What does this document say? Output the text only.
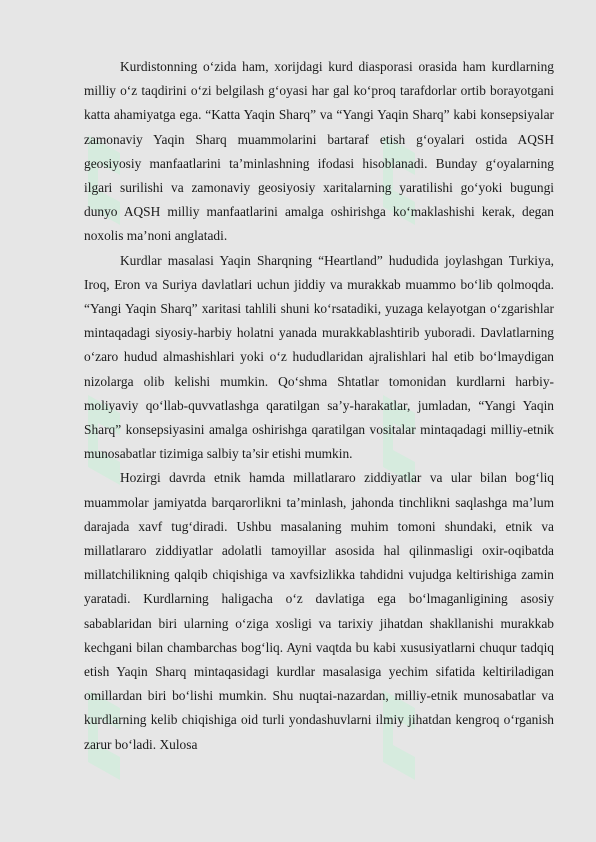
Kurdistonning o‘zida ham, xorijdagi kurd diasporasi orasida ham kurdlarning milliy o‘z taqdirini o‘zi belgilash g‘oyasi har gal ko‘proq tarafdorlar ortib borayotgani katta ahamiyatga ega. “Katta Yaqin Sharq” va “Yangi Yaqin Sharq” kabi konsepsiyalar zamonaviy Yaqin Sharq muammolarini bartaraf etish g‘oyalari ostida AQSH geosiyosiy manfaatlarini ta’minlashning ifodasi hisoblanadi. Bunday g‘oyalarning ilgari surilishi va zamonaviy geosiyosiy xaritalarning yaratilishi go‘yoki bugungi dunyo AQSH milliy manfaatlarini amalga oshirishga ko‘maklashishi kerak, degan noxolis ma’noni anglatadi.

Kurdlar masalasi Yaqin Sharqning “Heartland” hududida joylashgan Turkiya, Iroq, Eron va Suriya davlatlari uchun jiddiy va murakkab muammo bo‘lib qolmoqda. “Yangi Yaqin Sharq” xaritasi tahlili shuni ko‘rsatadiki, yuzaga kelayotgan o‘zgarishlar mintaqadagi siyosiy-harbiy holatni yanada murakkablashtirib yuboradi. Davlatlarning o‘zaro hudud almashishlari yoki o‘z hududlaridan ajralishlari hal etib bo‘lmaydigan nizolarga olib kelishi mumkin. Qo‘shma Shtatlar tomonidan kurdlarni harbiy-moliyaviy qo‘llab-quvvatlashga qaratilgan sa’y-harakatlar, jumladan, “Yangi Yaqin Sharq” konsepsiyasini amalga oshirishga qaratilgan vositalar mintaqadagi milliy-etnik munosabatlar tizimiga salbiy ta’sir etishi mumkin.

Hozirgi davrda etnik hamda millatlararo ziddiyatlar va ular bilan bog‘liq muammolar jamiyatda barqarorlikni ta’minlash, jahonda tinchlikni saqlashga ma’lum darajada xavf tug‘diradi. Ushbu masalaning muhim tomoni shundaki, etnik va millatlararo ziddiyatlar adolatli tamoyillar asosida hal qilinmasligi oxir-oqibatda millatchilikning qalqib chiqishiga va xavfsizlikka tahdidni vujudga keltirishiga zamin yaratadi. Kurdlarning haligacha o‘z davlatiga ega bo‘lmaganligining asosiy sabablaridan biri ularning o‘ziga xosligi va tarixiy jihatdan shakllanishi murakkab kechgani bilan chambarchas bog‘liq. Ayni vaqtda bu kabi xususiyatlarni chuqur tadqiq etish Yaqin Sharq mintaqasidagi kurdlar masalasiga yechim sifatida keltiriladigan omillardan biri bo‘lishi mumkin. Shu nuqtai-nazardan, milliy-etnik munosabatlar va kurdlarning kelib chiqishiga oid turli yondashuvlarni ilmiy jihatdan kengroq o‘rganish zarur bo‘ladi. Xulosa
